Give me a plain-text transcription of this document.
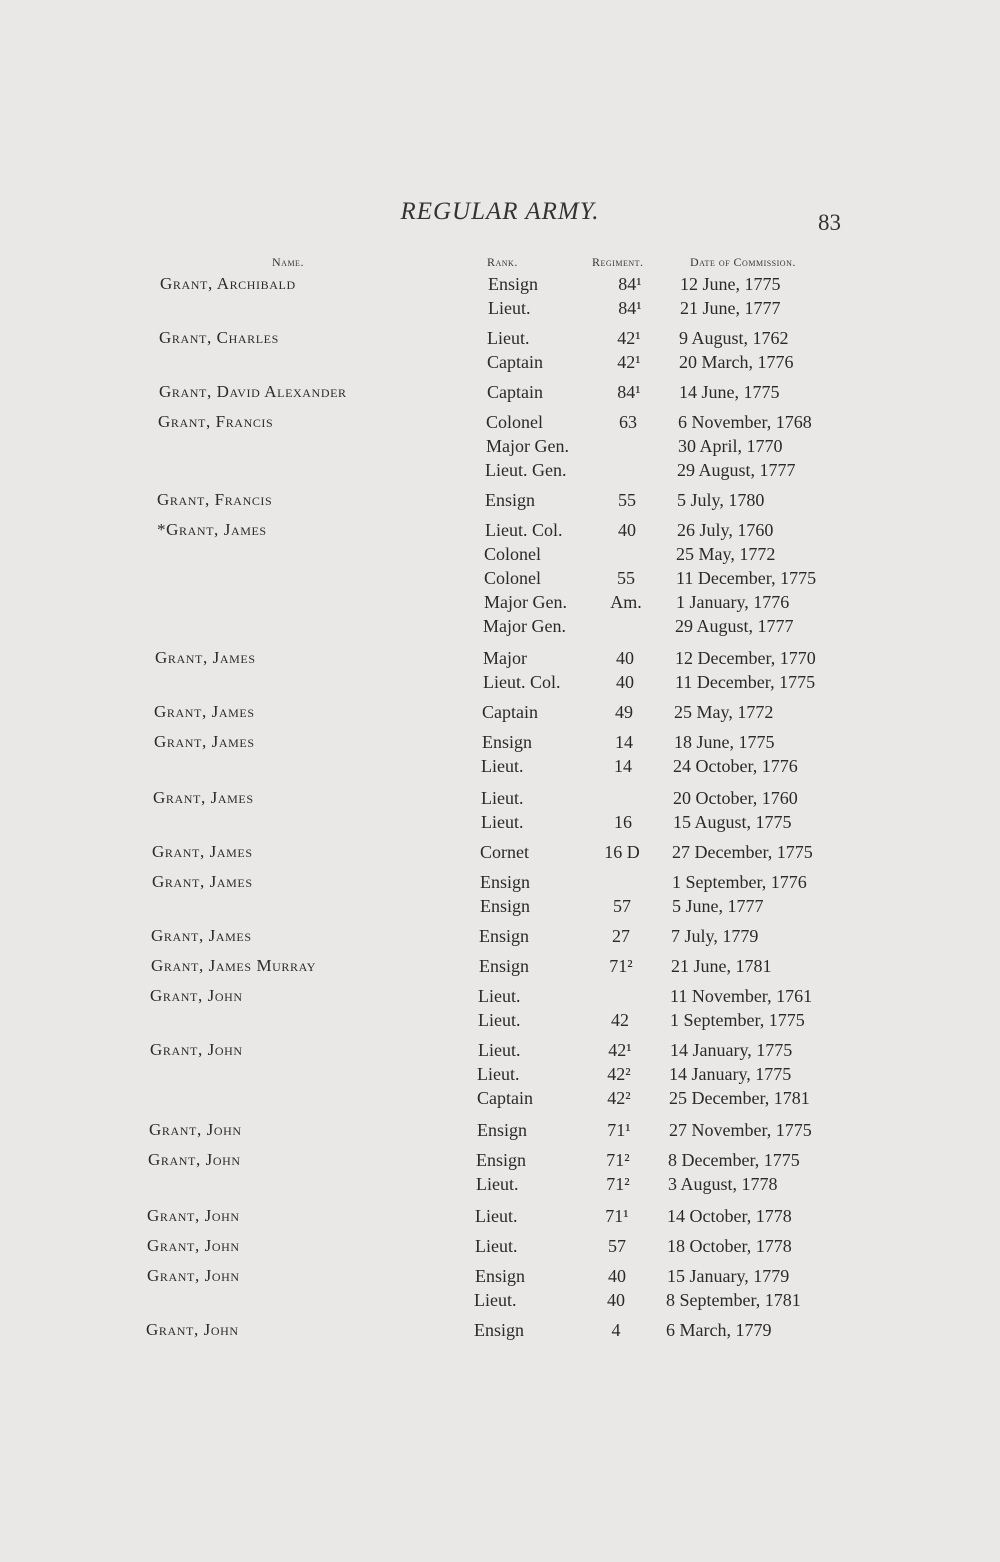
REGULAR ARMY.	83
Name.	Rank.	Regiment.	Date of Commission.
Grant, Archibald	Ensign	84¹	12 June, 1775
Lieut.	84¹	21 June, 1777
Grant, Charles	Lieut.	42¹	9 August, 1762
Captain	42¹	20 March, 1776
Grant, David Alexander	Captain	84¹	14 June, 1775
Grant, Francis	Colonel	63	6 November, 1768
Major Gen.	30 April, 1770
Lieut. Gen.	29 August, 1777
Grant, Francis	Ensign	55	5 July, 1780
*Grant, James	Lieut. Col.	40	26 July, 1760
Colonel	25 May, 1772
Colonel	55	11 December, 1775
Major Gen.	Am.	1 January, 1776
Major Gen.	29 August, 1777
Grant, James	Major	40	12 December, 1770
Lieut. Col.	40	11 December, 1775
Grant, James	Captain	49	25 May, 1772
Grant, James	Ensign	14	18 June, 1775
Lieut.	14	24 October, 1776
Grant, James	Lieut.	20 October, 1760
Lieut.	16	15 August, 1775
Grant, James	Cornet	16 D	27 December, 1775
Grant, James	Ensign	1 September, 1776
Ensign	57	5 June, 1777
Grant, James	Ensign	27	7 July, 1779
Grant, James Murray	Ensign	71²	21 June, 1781
Grant, John	Lieut.	11 November, 1761
Lieut.	42	1 September, 1775
Grant, John	Lieut.	42¹	14 January, 1775
Lieut.	42²	14 January, 1775
Captain	42²	25 December, 1781
Grant, John	Ensign	71¹	27 November, 1775
Grant, John	Ensign	71²	8 December, 1775
Lieut.	71²	3 August, 1778
Grant, John	Lieut.	71¹	14 October, 1778
Grant, John	Lieut.	57	18 October, 1778
Grant, John	Ensign	40	15 January, 1779
Lieut.	40	8 September, 1781
Grant, John	Ensign	4	6 March, 1779
